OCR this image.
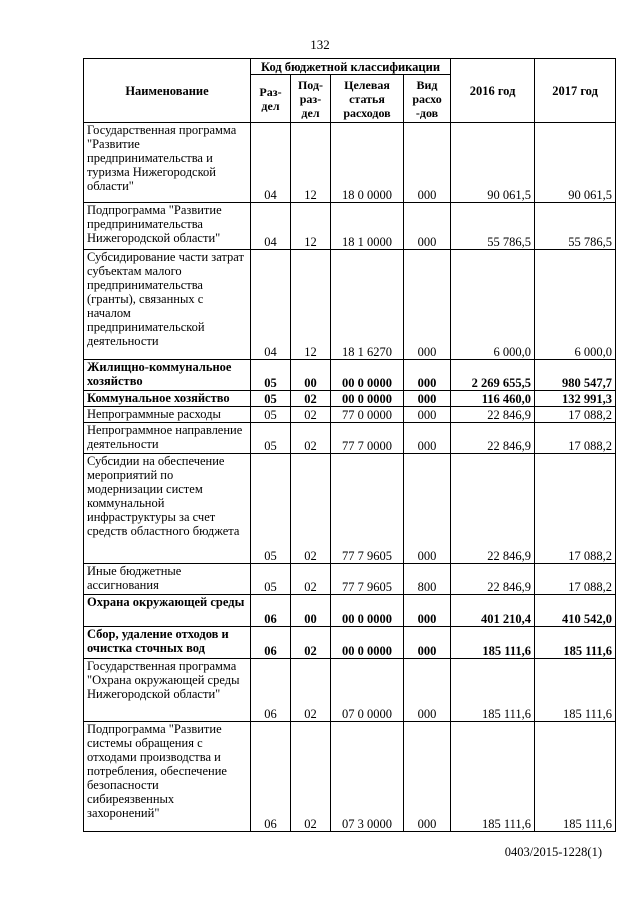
132
Наименование	Код бюджетной классификации				2016 год	2017 год
	Раз-дел	Под-раз-дел	Целевая статья расходов	Вид расхо -дов		
Государственная программа "Развитие предпринимательства и туризма Нижегородской области"	04	12	18 0 0000	000	90 061,5	90 061,5
Подпрограмма "Развитие предпринимательства Нижегородской области"	04	12	18 1 0000	000	55 786,5	55 786,5
Субсидирование части затрат субъектам малого предпринимательства (гранты), связанных с началом предпринимательской деятельности	04	12	18 1 6270	000	6 000,0	6 000,0
Жилищно-коммунальное хозяйство	05	00	00 0 0000	000	2 269 655,5	980 547,7
Коммунальное хозяйство	05	02	00 0 0000	000	116 460,0	132 991,3
Непрограммные расходы	05	02	77 0 0000	000	22 846,9	17 088,2
Непрограммное направление деятельности	05	02	77 7 0000	000	22 846,9	17 088,2
Субсидии на обеспечение мероприятий по модернизации систем коммунальной инфраструктуры за счет средств областного бюджета	05	02	77 7 9605	000	22 846,9	17 088,2
Иные бюджетные ассигнования	05	02	77 7 9605	800	22 846,9	17 088,2
Охрана окружающей среды	06	00	00 0 0000	000	401 210,4	410 542,0
Сбор, удаление отходов и очистка сточных вод	06	02	00 0 0000	000	185 111,6	185 111,6
Государственная программа "Охрана окружающей среды Нижегородской области"	06	02	07 0 0000	000	185 111,6	185 111,6
Подпрограмма "Развитие системы обращения с отходами производства и потребления, обеспечение безопасности сибиреязвенных захоронений"	06	02	07 3 0000	000	185 111,6	185 111,6
0403/2015-1228(1)
